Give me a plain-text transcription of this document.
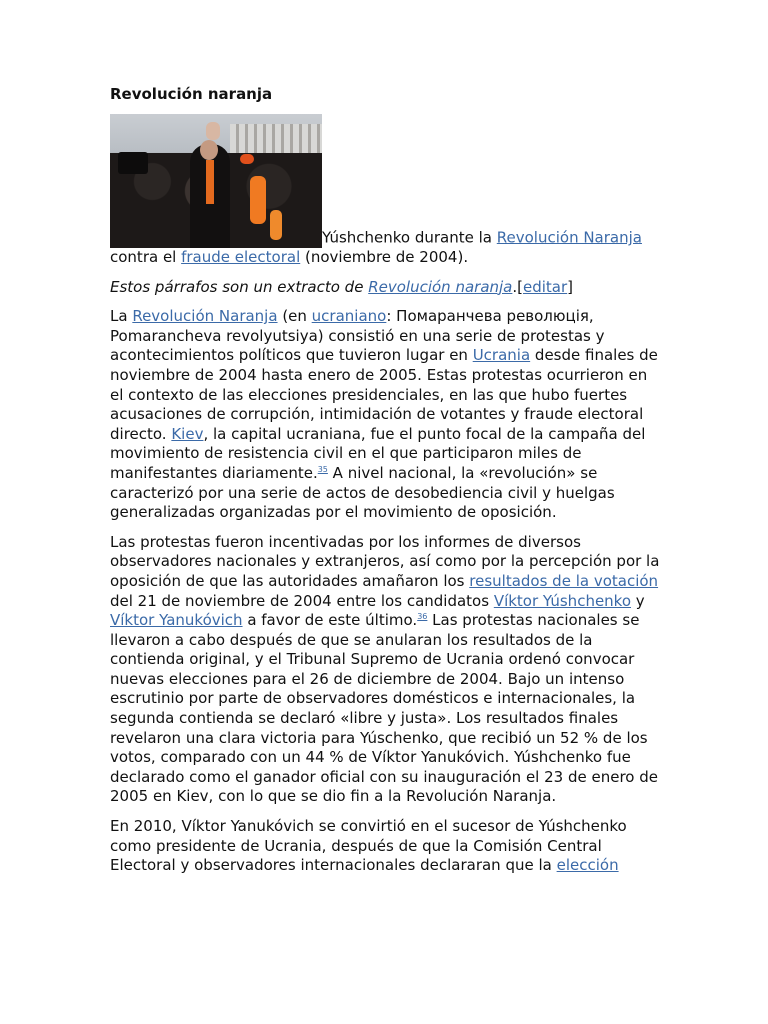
Revolución naranja
Yúshchenko durante la Revolución Naranja contra el fraude electoral (noviembre de 2004).

Estos párrafos son un extracto de Revolución naranja.[editar]

La Revolución Naranja (en ucraniano: Помаранчева революція, Pomarancheva revolyutsiya) consistió en una serie de protestas y acontecimientos políticos que tuvieron lugar en Ucrania desde finales de noviembre de 2004 hasta enero de 2005. Estas protestas ocurrieron en el contexto de las elecciones presidenciales, en las que hubo fuertes acusaciones de corrupción, intimidación de votantes y fraude electoral directo. Kiev, la capital ucraniana, fue el punto focal de la campaña del movimiento de resistencia civil en el que participaron miles de manifestantes diariamente.$^{35}$ A nivel nacional, la «revolución» se caracterizó por una serie de actos de desobediencia civil y huelgas generalizadas organizadas por el movimiento de oposición.

Las protestas fueron incentivadas por los informes de diversos observadores nacionales y extranjeros, así como por la percepción por la oposición de que las autoridades amañaron los resultados de la votación del 21 de noviembre de 2004 entre los candidatos Víktor Yúshchenko y Víktor Yanukóvich a favor de este último.$^{36}$ Las protestas nacionales se llevaron a cabo después de que se anularan los resultados de la contienda original, y el Tribunal Supremo de Ucrania ordenó convocar nuevas elecciones para el 26 de diciembre de 2004. Bajo un intenso escrutinio por parte de observadores domésticos e internacionales, la segunda contienda se declaró «libre y justa». Los resultados finales revelaron una clara victoria para Yúschenko, que recibió un 52 % de los votos, comparado con un 44 % de Víktor Yanukóvich. Yúshchenko fue declarado como el ganador oficial con su inauguración el 23 de enero de 2005 en Kiev, con lo que se dio fin a la Revolución Naranja.

En 2010, Víktor Yanukóvich se convirtió en el sucesor de Yúshchenko como presidente de Ucrania, después de que la Comisión Central Electoral y observadores internacionales declararan que la elección
